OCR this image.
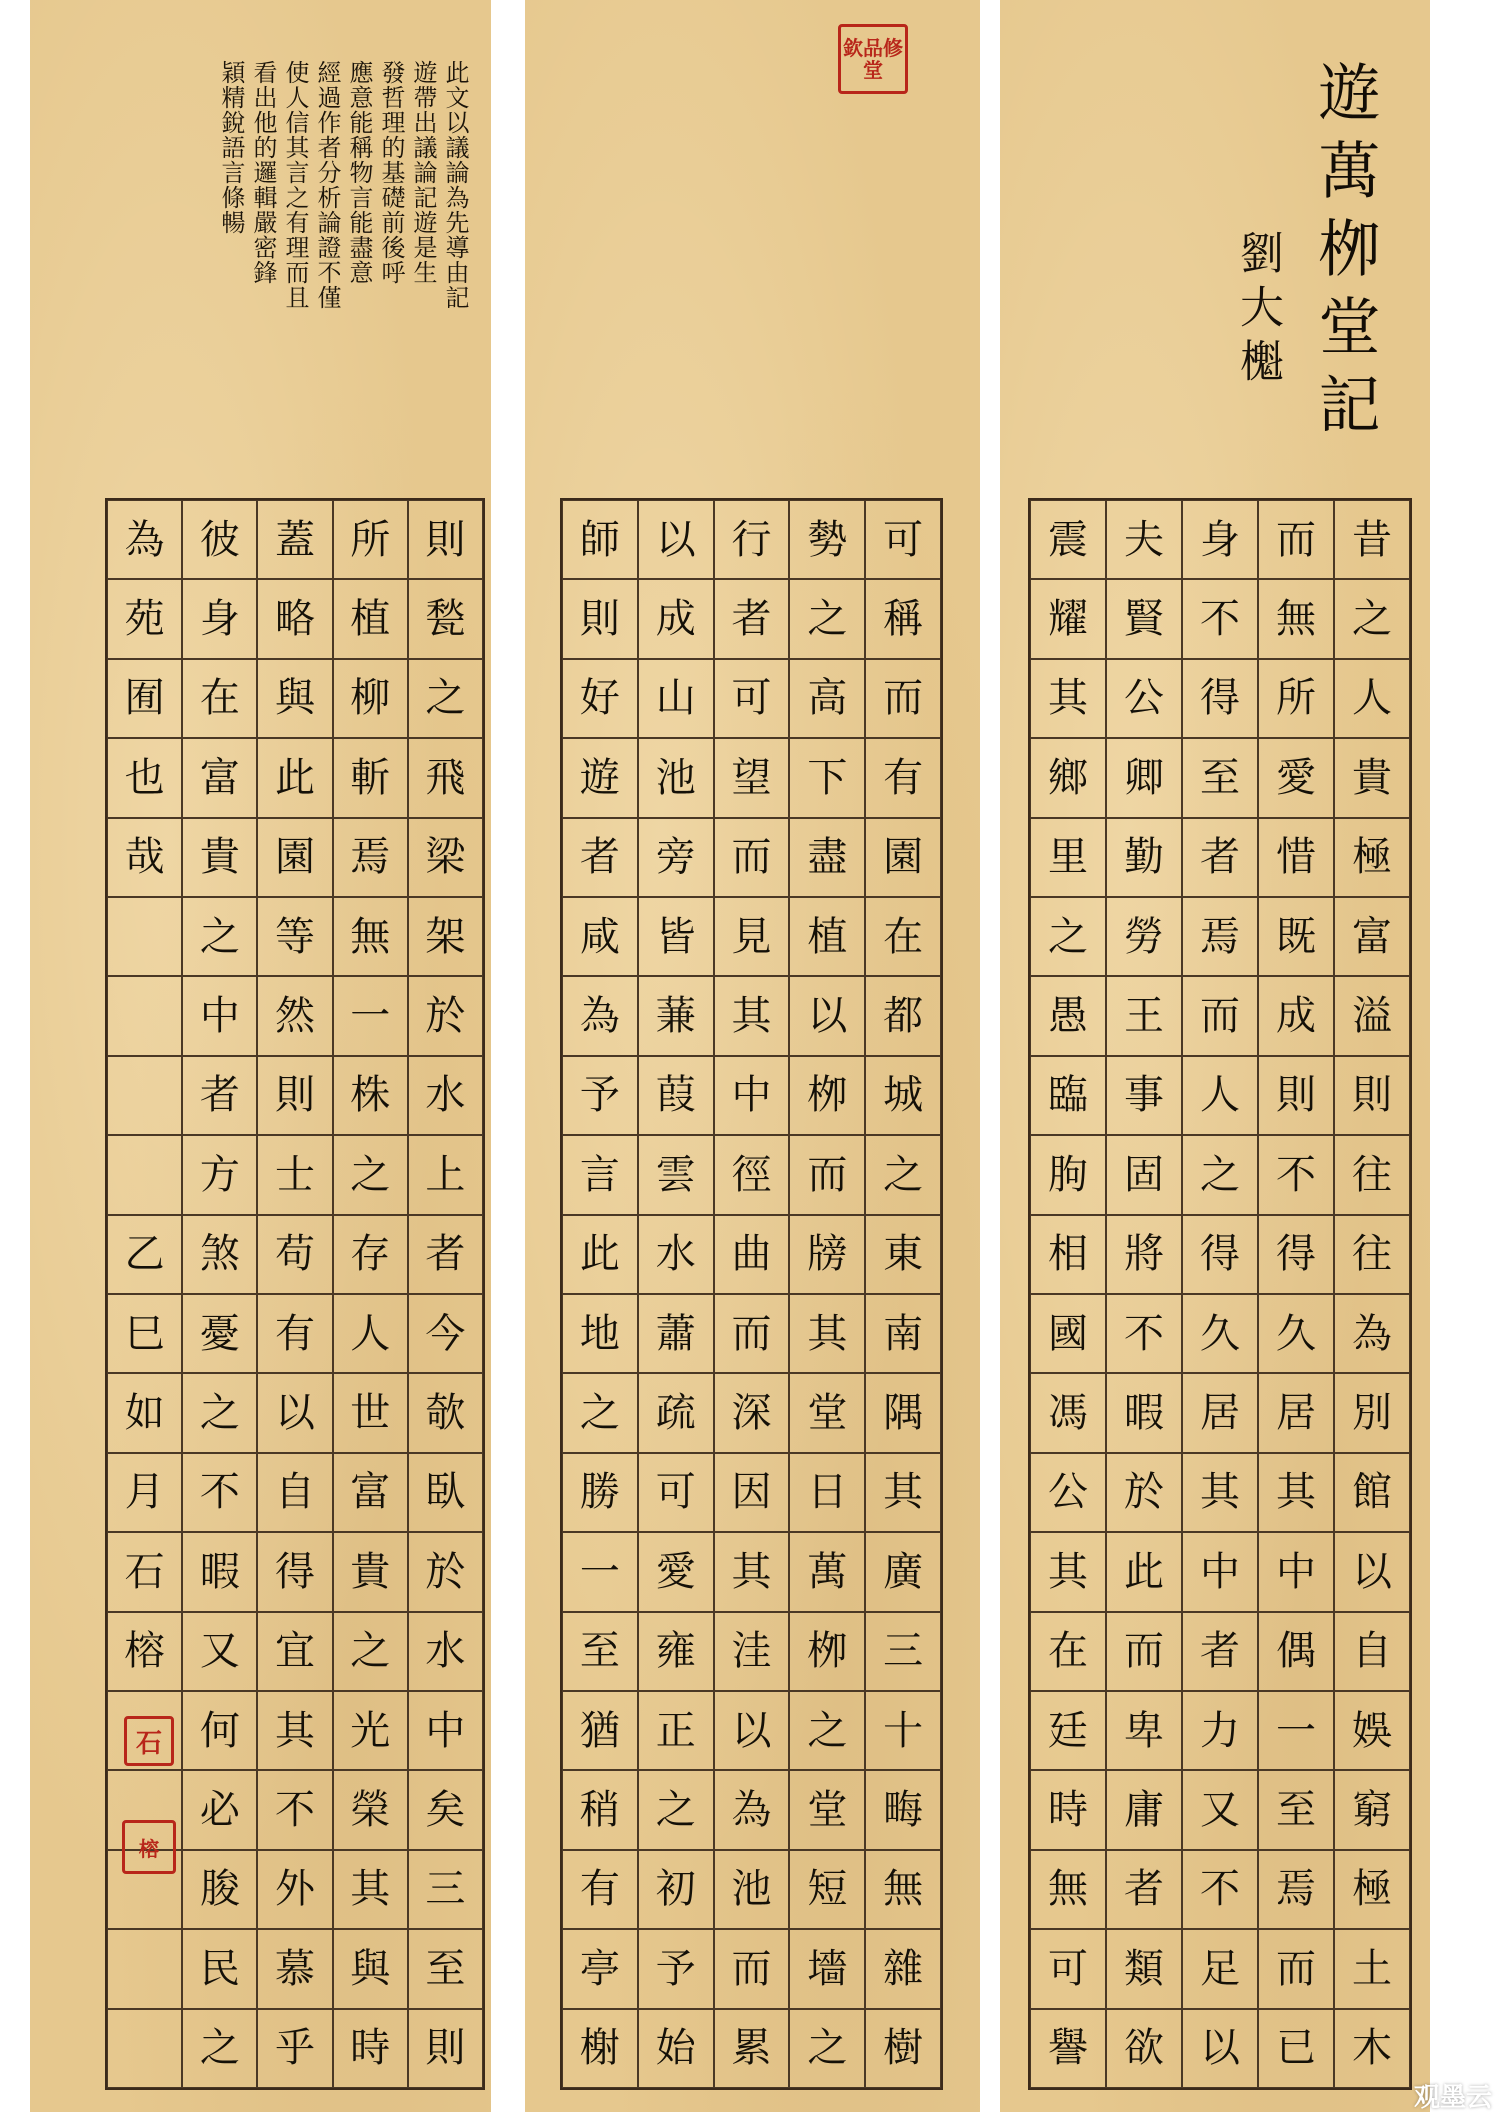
此文以議論為先導由記
遊帶出議論記遊是生
發哲理的基礎前後呼
應意能稱物言能盡意
經過作者分析論證不僅
使人信其言之有理而且
看出他的邏輯嚴密鋒
穎精銳語言條暢
則
甃
之
飛
梁
架
於
水
上
者
今
欹
臥
於
水
中
矣
三
至
則
所
植
柳
斬
焉
無
一
株
之
存
人
世
富
貴
之
光
榮
其
與
時
蓋
略
與
此
園
等
然
則
士
苟
有
以
自
得
宜
其
不
外
慕
乎
彼
身
在
富
貴
之
中
者
方
煞
憂
之
不
暇
又
何
必
朘
民
之
為
苑
囿
也
哉
乙
巳
如
月
石
榕
石
榕
欽品修堂
可
稱
而
有
園
在
都
城
之
東
南
隅
其
廣
三
十
畮
無
雜
樹
勢
之
高
下
盡
植
以
栁
而
牓
其
堂
日
萬
栁
之
堂
短
墻
之
行
者
可
望
而
見
其
中
徑
曲
而
深
因
其
洼
以
為
池
而
累
以
成
山
池
旁
皆
蒹
葭
雲
水
蕭
疏
可
愛
雍
正
之
初
予
始
師
則
好
遊
者
咸
為
予
言
此
地
之
勝
一
至
猶
稍
有
亭
榭
遊萬栁堂記
劉大櫆
昔
之
人
貴
極
富
溢
則
往
往
為
別
館
以
自
娛
窮
極
土
木
而
無
所
愛
惜
既
成
則
不
得
久
居
其
中
偶
一
至
焉
而
已
身
不
得
至
者
焉
而
人
之
得
久
居
其
中
者
力
又
不
足
以
夫
賢
公
卿
勤
勞
王
事
固
將
不
暇
於
此
而
卑
庸
者
類
欲
震
耀
其
鄉
里
之
愚
臨
朐
相
國
馮
公
其
在
廷
時
無
可
譽
观墨云
